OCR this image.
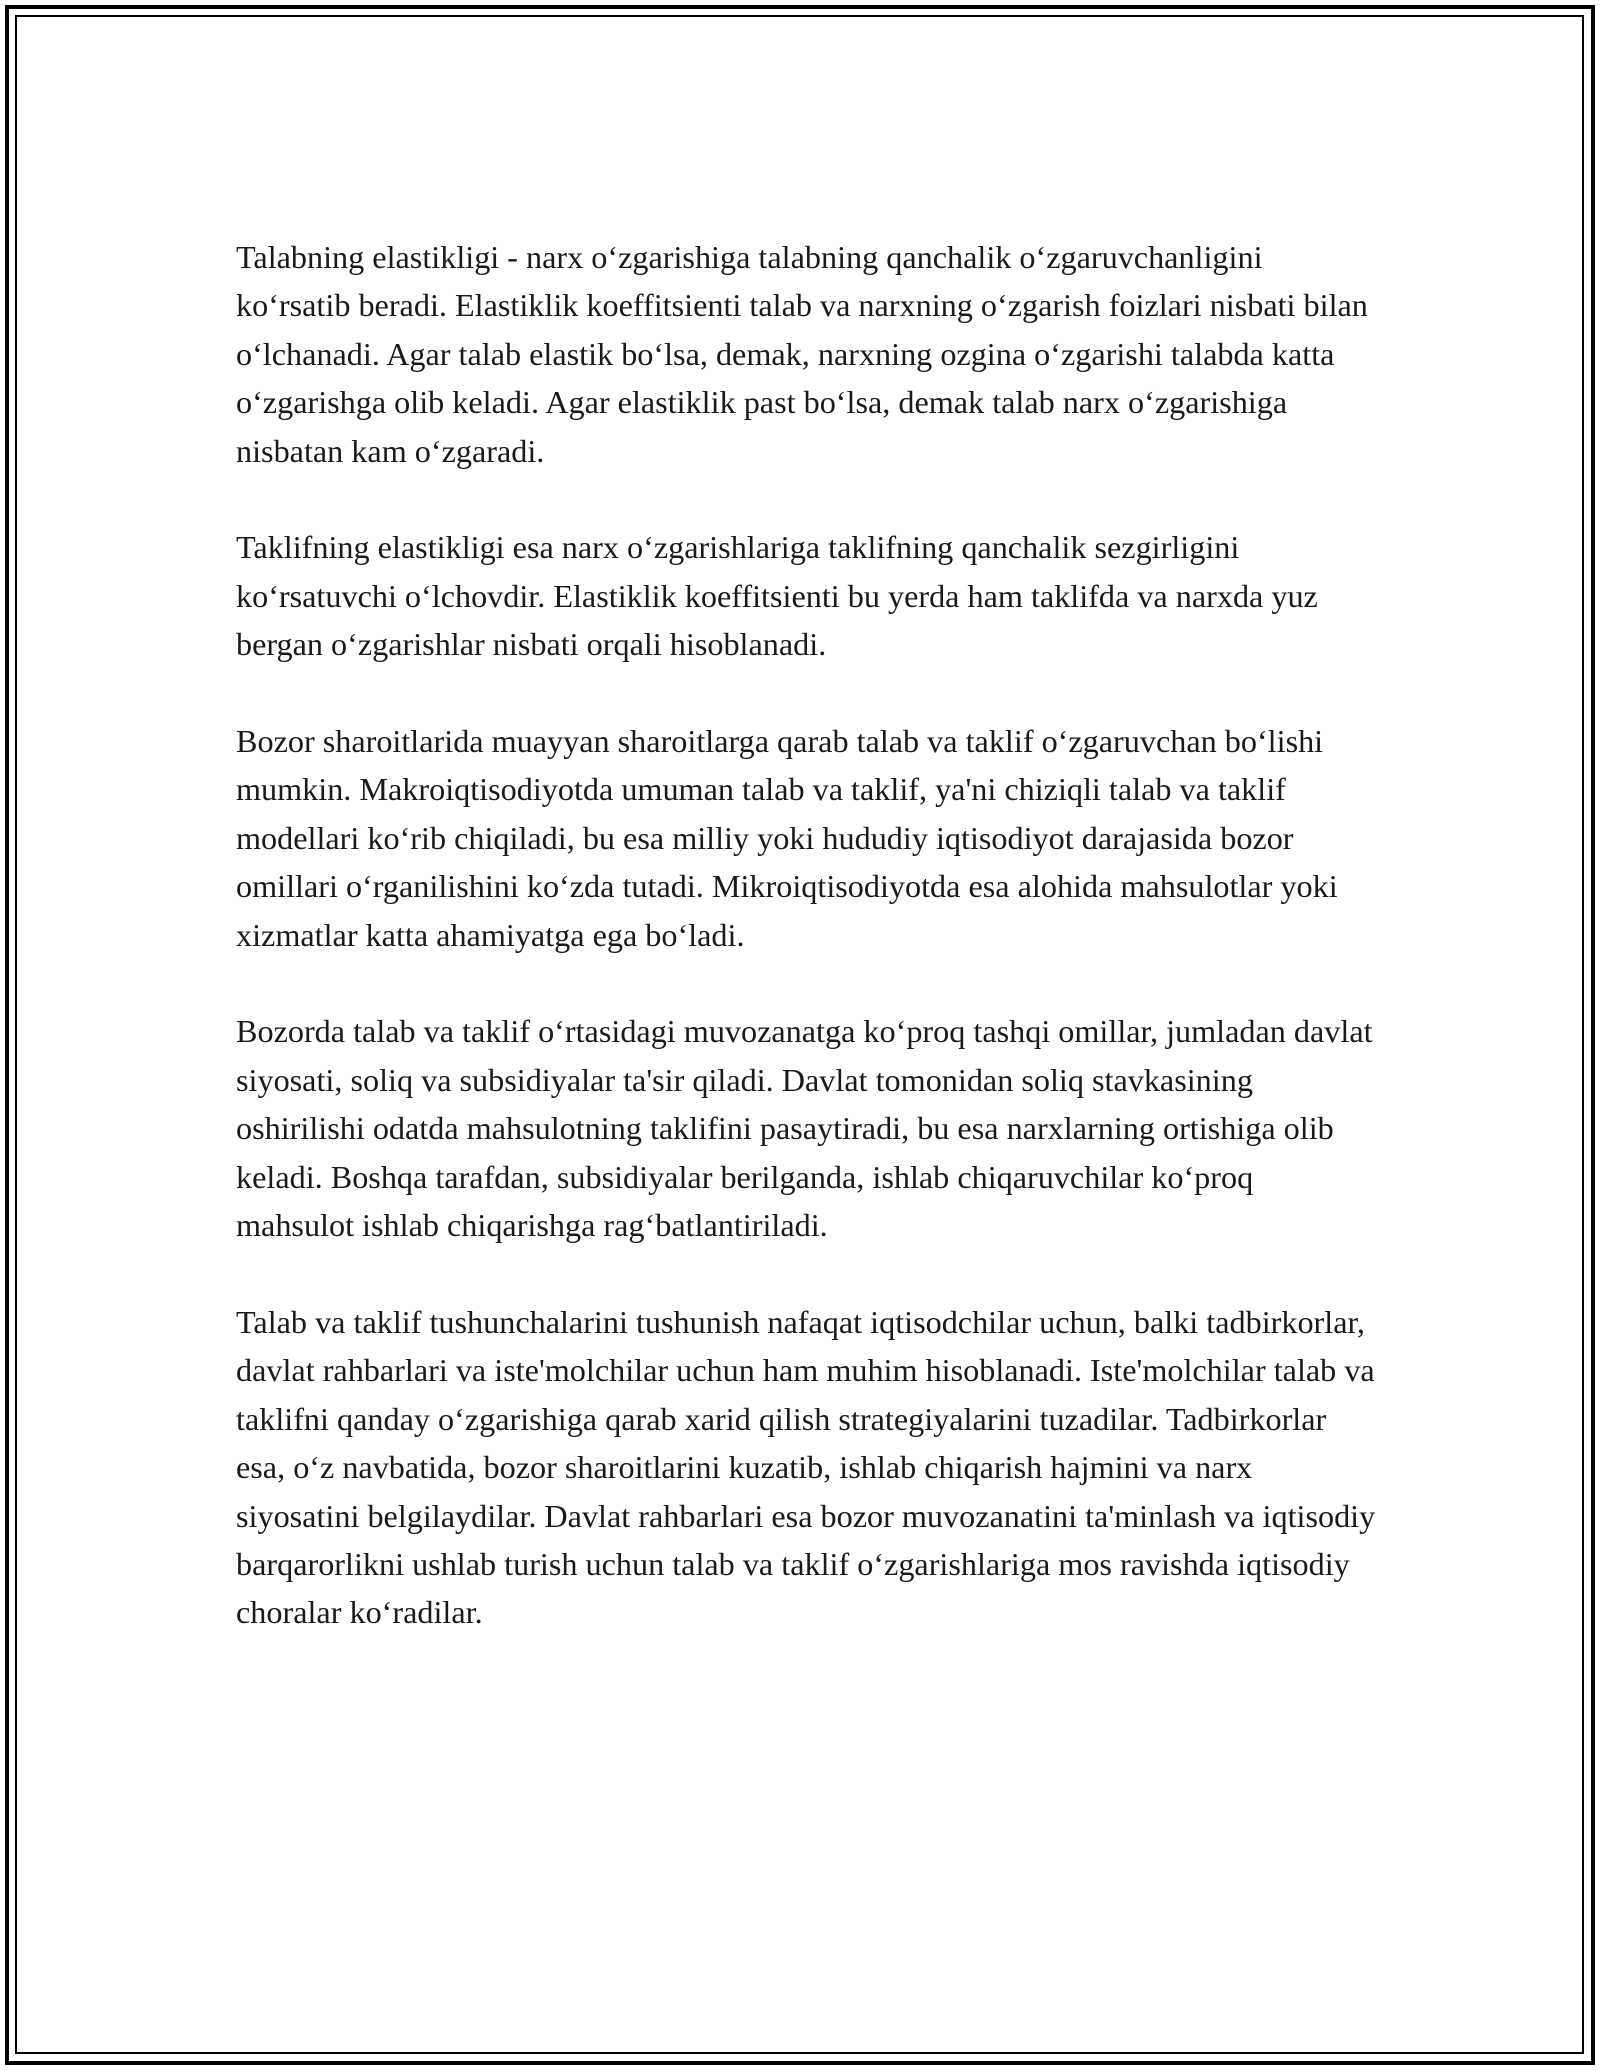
Talabning elastikligi - narx o‘zgarishiga talabning qanchalik o‘zgaruvchanligini ko‘rsatib beradi. Elastiklik koeffitsienti talab va narxning o‘zgarish foizlari nisbati bilan o‘lchanadi. Agar talab elastik bo‘lsa, demak, narxning ozgina o‘zgarishi talabda katta o‘zgarishga olib keladi. Agar elastiklik past bo‘lsa, demak talab narx o‘zgarishiga nisbatan kam o‘zgaradi.

Taklifning elastikligi esa narx o‘zgarishlariga taklifning qanchalik sezgirligini ko‘rsatuvchi o‘lchovdir. Elastiklik koeffitsienti bu yerda ham taklifda va narxda yuz bergan o‘zgarishlar nisbati orqali hisoblanadi.

Bozor sharoitlarida muayyan sharoitlarga qarab talab va taklif o‘zgaruvchan bo‘lishi mumkin. Makroiqtisodiyotda umuman talab va taklif, ya'ni chiziqli talab va taklif modellari ko‘rib chiqiladi, bu esa milliy yoki hududiy iqtisodiyot darajasida bozor omillari o‘rganilishini ko‘zda tutadi. Mikroiqtisodiyotda esa alohida mahsulotlar yoki xizmatlar katta ahamiyatga ega bo‘ladi.

Bozorda talab va taklif o‘rtasidagi muvozanatga ko‘proq tashqi omillar, jumladan davlat siyosati, soliq va subsidiyalar ta'sir qiladi. Davlat tomonidan soliq stavkasining oshirilishi odatda mahsulotning taklifini pasaytiradi, bu esa narxlarning ortishiga olib keladi. Boshqa tarafdan, subsidiyalar berilganda, ishlab chiqaruvchilar ko‘proq mahsulot ishlab chiqarishga rag‘batlantiriladi.

Talab va taklif tushunchalarini tushunish nafaqat iqtisodchilar uchun, balki tadbirkorlar, davlat rahbarlari va iste'molchilar uchun ham muhim hisoblanadi. Iste'molchilar talab va taklifni qanday o‘zgarishiga qarab xarid qilish strategiyalarini tuzadilar. Tadbirkorlar esa, o‘z navbatida, bozor sharoitlarini kuzatib, ishlab chiqarish hajmini va narx siyosatini belgilaydilar. Davlat rahbarlari esa bozor muvozanatini ta'minlash va iqtisodiy barqarorlikni ushlab turish uchun talab va taklif o‘zgarishlariga mos ravishda iqtisodiy choralar ko‘radilar.
